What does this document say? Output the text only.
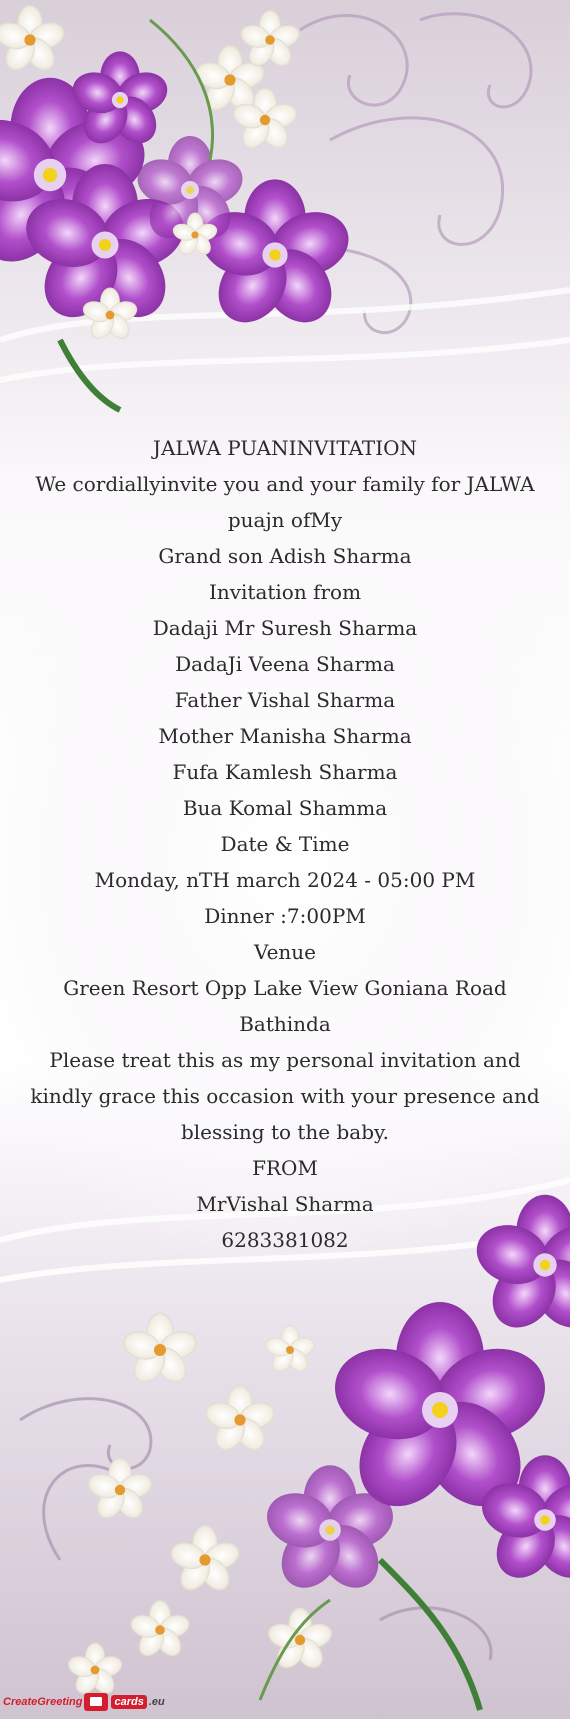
JALWA PUANINVITATION
We cordiallyinvite you and your family for JALWA
puajn ofMy
Grand son Adish Sharma
Invitation from
Dadaji Mr Suresh Sharma
DadaJi Veena Sharma
Father Vishal Sharma
Mother Manisha Sharma
Fufa Kamlesh Sharma
Bua Komal Shamma
Date & Time
Monday, nTH march 2024 - 05:00 PM
Dinner :7:00PM
Venue
Green Resort Opp Lake View Goniana Road
Bathinda
Please treat this as my personal invitation and
kindly grace this occasion with your presence and
blessing to the baby.
FROM
MrVishal Sharma
6283381082
CreateGreeting	cards .eu
